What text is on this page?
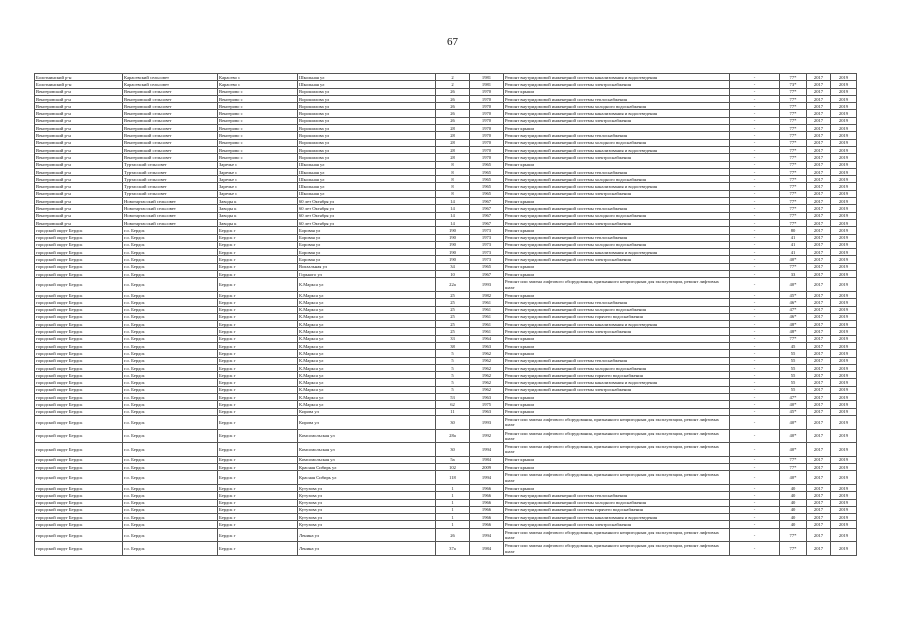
67
Болотнинский р-н	Карасевский сельсовет	Карасево с	Школьная ул	2	1981	Ремонт внутридомовой инженерной системы канализования и водоотведения	-	77*	2017	2019
Болотнинский р-н	Карасевский сельсовет	Карасево с	Школьная ул	2	1981	Ремонт внутридомовой инженерной системы электроснабжения	-	73*	2017	2019
Венгеровский р-н	Венгеровский сельсовет	Венгерово с	Ворошилова ул	26	1970	Ремонт крыши	-	77*	2017	2019
Венгеровский р-н	Венгеровский сельсовет	Венгерово с	Ворошилова ул	26	1970	Ремонт внутридомовой инженерной системы теплоснабжения	-	77*	2017	2019
Венгеровский р-н	Венгеровский сельсовет	Венгерово с	Ворошилова ул	26	1970	Ремонт внутридомовой инженерной системы холодного водоснабжения	-	77*	2017	2019
Венгеровский р-н	Венгеровский сельсовет	Венгерово с	Ворошилова ул	26	1970	Ремонт внутридомовой инженерной системы канализования и водоотведения	-	77*	2017	2019
Венгеровский р-н	Венгеровский сельсовет	Венгерово с	Ворошилова ул	26	1970	Ремонт внутридомовой инженерной системы электроснабжения	-	77*	2017	2019
Венгеровский р-н	Венгеровский сельсовет	Венгерово с	Ворошилова ул	28	1970	Ремонт крыши	-	77*	2017	2019
Венгеровский р-н	Венгеровский сельсовет	Венгерово с	Ворошилова ул	28	1970	Ремонт внутридомовой инженерной системы теплоснабжения	-	77*	2017	2019
Венгеровский р-н	Венгеровский сельсовет	Венгерово с	Ворошилова ул	28	1970	Ремонт внутридомовой инженерной системы холодного водоснабжения	-	77*	2017	2019
Венгеровский р-н	Венгеровский сельсовет	Венгерово с	Ворошилова ул	28	1970	Ремонт внутридомовой инженерной системы канализования и водоотведения	-	77*	2017	2019
Венгеровский р-н	Венгеровский сельсовет	Венгерово с	Ворошилова ул	28	1970	Ремонт внутридомовой инженерной системы электроснабжения	-	77*	2017	2019
Венгеровский р-н	Туртасский сельсовет	Заречье с	Школьная ул	8	1965	Ремонт крыши	-	77*	2017	2019
Венгеровский р-н	Туртасский сельсовет	Заречье с	Школьная ул	8	1965	Ремонт внутридомовой инженерной системы теплоснабжения	-	77*	2017	2019
Венгеровский р-н	Туртасский сельсовет	Заречье с	Школьная ул	8	1965	Ремонт внутридомовой инженерной системы холодного водоснабжения	-	77*	2017	2019
Венгеровский р-н	Туртасский сельсовет	Заречье с	Школьная ул	8	1965	Ремонт внутридомовой инженерной системы канализования и водоотведения	-	77*	2017	2019
Венгеровский р-н	Туртасский сельсовет	Заречье с	Школьная ул	8	1965	Ремонт внутридомовой инженерной системы электроснабжения	-	77*	2017	2019
Венгеровский р-н	Новотартасский сельсовет	Заводы к	60 лет Октября ул	14	1967	Ремонт крыши	-	77*	2017	2019
Венгеровский р-н	Новотартасский сельсовет	Заводы к	60 лет Октября ул	14	1967	Ремонт внутридомовой инженерной системы теплоснабжения	-	77*	2017	2019
Венгеровский р-н	Новотартасский сельсовет	Заводы к	60 лет Октября ул	14	1967	Ремонт внутридомовой инженерной системы холодного водоснабжения	-	77*	2017	2019
Венгеровский р-н	Новотартасский сельсовет	Заводы к	60 лет Октября ул	14	1967	Ремонт внутридомовой инженерной системы электроснабжения	-	77*	2017	2019
городской округ Бердск	г.о. Бердск	Бердск г	Боровая ул	190	1973	Ремонт крыши	-	80	2017	2019
городской округ Бердск	г.о. Бердск	Бердск г	Боровая ул	190	1973	Ремонт внутридомовой инженерной системы теплоснабжения	-	41	2017	2019
городской округ Бердск	г.о. Бердск	Бердск г	Боровая ул	190	1973	Ремонт внутридомовой инженерной системы холодного водоснабжения	-	41	2017	2019
городской округ Бердск	г.о. Бердск	Бердск г	Боровая ул	190	1973	Ремонт внутридомовой инженерной системы канализования и водоотведения	-	41	2017	2019
городской округ Бердск	г.о. Бердск	Бердск г	Боровая ул	190	1973	Ремонт внутридомовой инженерной системы электроснабжения	-	40*	2017	2019
городской округ Бердск	г.о. Бердск	Бердск г	Вокзальная ул	34	1965	Ремонт крыши	-	77*	2017	2019
городской округ Бердск	г.о. Бердск	Бердск г	Горького ул	10	1967	Ремонт крыши	-	33	2017	2019
городской округ Бердск	г.о. Бердск	Бердск г	К.Маркса ул	22а	1993	Ремонт или замена лифтового оборудования, признанного непригодным для эксплуатации, ремонт лифтовых шахт	-	40*	2017	2019
городской округ Бердск	г.о. Бердск	Бердск г	К.Маркса ул	25	1982	Ремонт крыши	-	45*	2017	2019
городской округ Бердск	г.о. Бердск	Бердск г	К.Маркса ул	25	1961	Ремонт внутридомовой инженерной системы теплоснабжения	-	46*	2017	2019
городской округ Бердск	г.о. Бердск	Бердск г	К.Маркса ул	25	1961	Ремонт внутридомовой инженерной системы холодного водоснабжения	-	47*	2017	2019
городской округ Бердск	г.о. Бердск	Бердск г	К.Маркса ул	25	1961	Ремонт внутридомовой инженерной системы горячего водоснабжения	-	46*	2017	2019
городской округ Бердск	г.о. Бердск	Бердск г	К.Маркса ул	25	1961	Ремонт внутридомовой инженерной системы канализования и водоотведения	-	48*	2017	2019
городской округ Бердск	г.о. Бердск	Бердск г	К.Маркса ул	25	1961	Ремонт внутридомовой инженерной системы электроснабжения	-	48*	2017	2019
городской округ Бердск	г.о. Бердск	Бердск г	К.Маркса ул	33	1964	Ремонт крыши	-	77*	2017	2019
городской округ Бердск	г.о. Бердск	Бердск г	К.Маркса ул	38	1963	Ремонт крыши	-	45	2017	2019
городской округ Бердск	г.о. Бердск	Бердск г	К.Маркса ул	5	1962	Ремонт крыши	-	55	2017	2019
городской округ Бердск	г.о. Бердск	Бердск г	К.Маркса ул	5	1962	Ремонт внутридомовой инженерной системы теплоснабжения	-	55	2017	2019
городской округ Бердск	г.о. Бердск	Бердск г	К.Маркса ул	5	1962	Ремонт внутридомовой инженерной системы холодного водоснабжения	-	55	2017	2019
городской округ Бердск	г.о. Бердск	Бердск г	К.Маркса ул	5	1962	Ремонт внутридомовой инженерной системы горячего водоснабжения	-	55	2017	2019
городской округ Бердск	г.о. Бердск	Бердск г	К.Маркса ул	5	1962	Ремонт внутридомовой инженерной системы канализования и водоотведения	-	55	2017	2019
городской округ Бердск	г.о. Бердск	Бердск г	К.Маркса ул	5	1962	Ремонт внутридомовой инженерной системы электроснабжения	-	55	2017	2019
городской округ Бердск	г.о. Бердск	Бердск г	К.Маркса ул	53	1963	Ремонт крыши	-	47*	2017	2019
городской округ Бердск	г.о. Бердск	Бердск г	К.Маркса ул	62	1975	Ремонт крыши	-	40*	2017	2019
городской округ Бердск	г.о. Бердск	Бердск г	Кирова ул	11	1963	Ремонт крыши	-	45*	2017	2019
городской округ Бердск	г.о. Бердск	Бердск г	Кирова ул	30	1993	Ремонт или замена лифтового оборудования, признанного непригодным для эксплуатации, ремонт лифтовых шахт	-	40*	2017	2019
городской округ Бердск	г.о. Бердск	Бердск г	Комсомольская ул	28а	1992	Ремонт или замена лифтового оборудования, признанного непригодным для эксплуатации, ремонт лифтовых шахт	-	40*	2017	2019
городской округ Бердск	г.о. Бердск	Бердск г	Комсомольская ул	30	1994	Ремонт или замена лифтового оборудования, признанного непригодным для эксплуатации, ремонт лифтовых шахт	-	40*	2017	2019
городской округ Бердск	г.о. Бердск	Бердск г	Комсомольская ул	5а	1984	Ремонт крыши	-	77*	2017	2019
городской округ Бердск	г.о. Бердск	Бердск г	Красная Сибирь ул	102	2009	Ремонт крыши	-	77*	2017	2019
городской округ Бердск	г.о. Бердск	Бердск г	Красная Сибирь ул	118	1994	Ремонт или замена лифтового оборудования, признанного непригодным для эксплуатации, ремонт лифтовых шахт	-	40*	2017	2019
городской округ Бердск	г.о. Бердск	Бердск г	Кутузова ул	1	1966	Ремонт крыши	-	40	2017	2019
городской округ Бердск	г.о. Бердск	Бердск г	Кутузова ул	1	1966	Ремонт внутридомовой инженерной системы теплоснабжения	-	40	2017	2019
городской округ Бердск	г.о. Бердск	Бердск г	Кутузова ул	1	1966	Ремонт внутридомовой инженерной системы холодного водоснабжения	-	40	2017	2019
городской округ Бердск	г.о. Бердск	Бердск г	Кутузова ул	1	1966	Ремонт внутридомовой инженерной системы горячего водоснабжения	-	40	2017	2019
городской округ Бердск	г.о. Бердск	Бердск г	Кутузова ул	1	1966	Ремонт внутридомовой инженерной системы канализования и водоотведения	-	40	2017	2019
городской округ Бердск	г.о. Бердск	Бердск г	Кутузова ул	1	1966	Ремонт внутридомовой инженерной системы электроснабжения	-	40	2017	2019
городской округ Бердск	г.о. Бердск	Бердск г	Ленина ул	26	1994	Ремонт или замена лифтового оборудования, признанного непригодным для эксплуатации, ремонт лифтовых шахт	-	77*	2017	2019
городской округ Бердск	г.о. Бердск	Бердск г	Ленина ул	37а	1984	Ремонт или замена лифтового оборудования, признанного непригодным для эксплуатации, ремонт лифтовых шахт	-	77*	2017	2019
